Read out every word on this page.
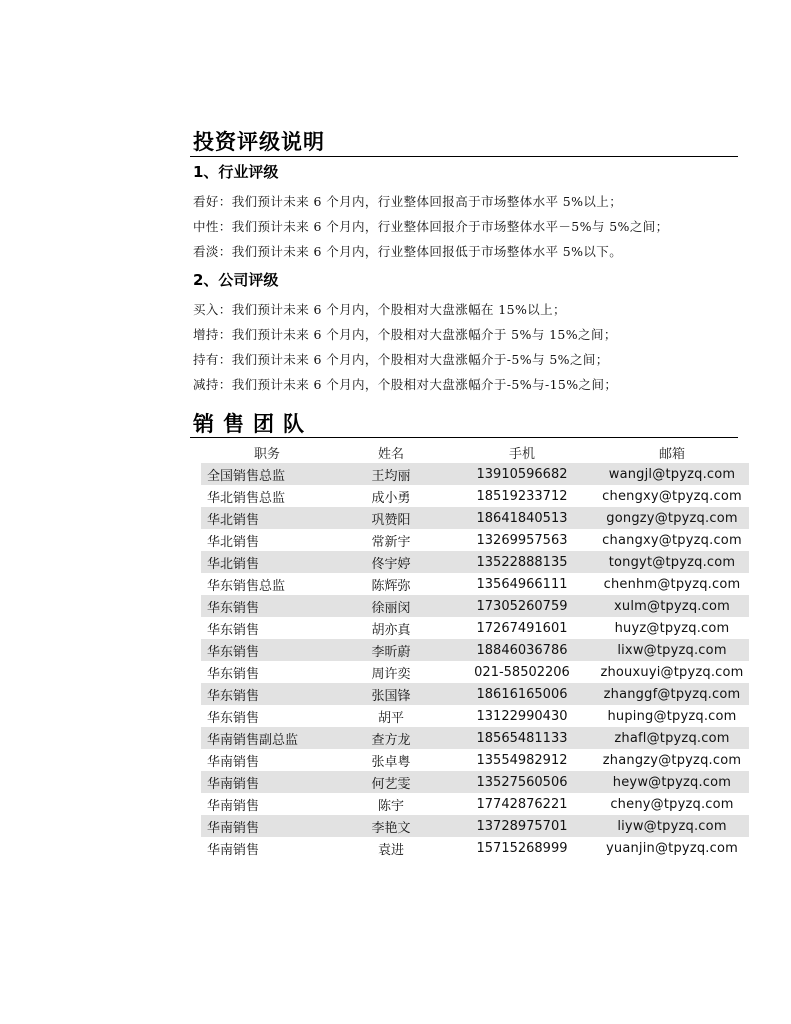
投资评级说明
1、行业评级

看好：我们预计未来 6 个月内，行业整体回报高于市场整体水平 5%以上；

中性：我们预计未来 6 个月内，行业整体回报介于市场整体水平－5%与 5%之间；

看淡：我们预计未来 6 个月内，行业整体回报低于市场整体水平 5%以下。

2、公司评级

买入：我们预计未来 6 个月内，个股相对大盘涨幅在 15%以上；

增持：我们预计未来 6 个月内，个股相对大盘涨幅介于 5%与 15%之间；

持有：我们预计未来 6 个月内，个股相对大盘涨幅介于-5%与 5%之间；

减持：我们预计未来 6 个月内，个股相对大盘涨幅介于-5%与-15%之间；

销售团队
职务	姓名	手机	邮箱
全国销售总监	王均丽	13910596682	wangjl@tpyzq.com
华北销售总监	成小勇	18519233712	chengxy@tpyzq.com
华北销售	巩赞阳	18641840513	gongzy@tpyzq.com
华北销售	常新宇	13269957563	changxy@tpyzq.com
华北销售	佟宇婷	13522888135	tongyt@tpyzq.com
华东销售总监	陈辉弥	13564966111	chenhm@tpyzq.com
华东销售	徐丽闵	17305260759	xulm@tpyzq.com
华东销售	胡亦真	17267491601	huyz@tpyzq.com
华东销售	李昕蔚	18846036786	lixw@tpyzq.com
华东销售	周许奕	021-58502206	zhouxuyi@tpyzq.com
华东销售	张国锋	18616165006	zhanggf@tpyzq.com
华东销售	胡平	13122990430	huping@tpyzq.com
华南销售副总监	查方龙	18565481133	zhafl@tpyzq.com
华南销售	张卓粤	13554982912	zhangzy@tpyzq.com
华南销售	何艺雯	13527560506	heyw@tpyzq.com
华南销售	陈宇	17742876221	cheny@tpyzq.com
华南销售	李艳文	13728975701	liyw@tpyzq.com
华南销售	袁进	15715268999	yuanjin@tpyzq.com
